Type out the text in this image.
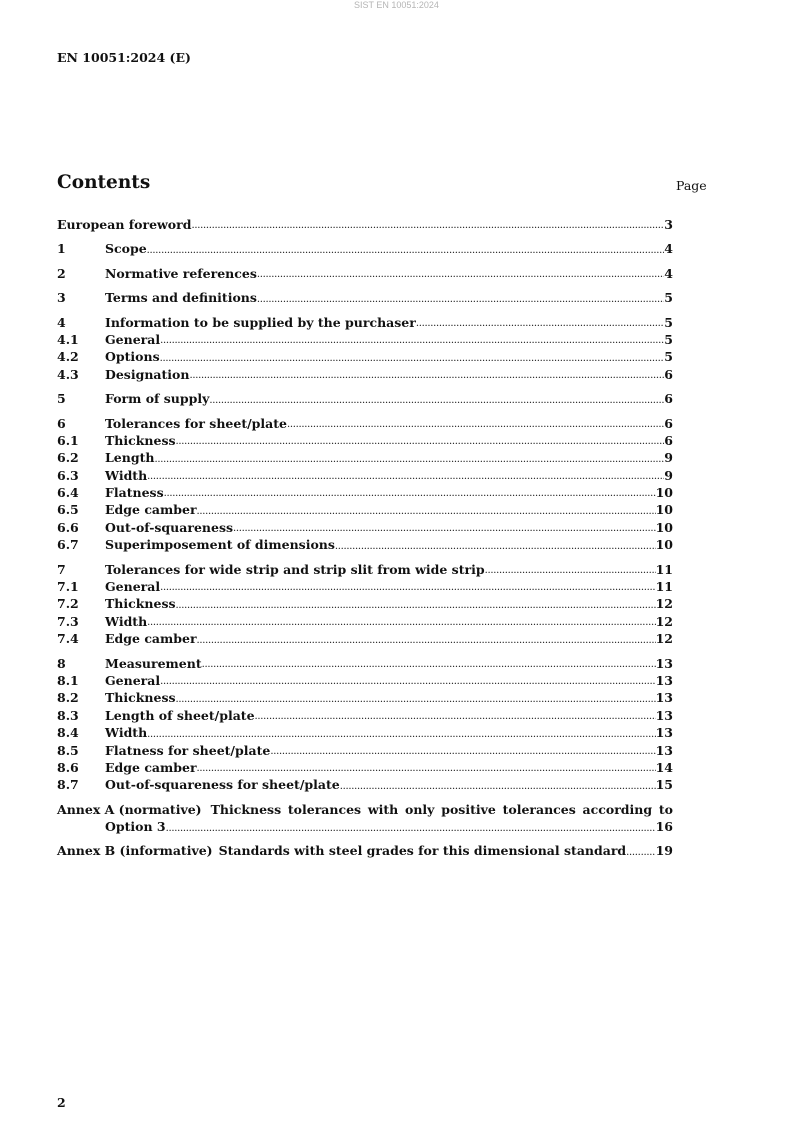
SIST EN 10051:2024
EN 10051:2024 (E)
Contents	Page
European foreword .....	3
1	Scope .....	4
2	Normative references .....	4
3	Terms and definitions .....	5
4	Information to be supplied by the purchaser .....	5
4.1	General .....	5
4.2	Options .....	5
4.3	Designation .....	6
5	Form of supply .....	6
6	Tolerances for sheet/plate .....	6
6.1	Thickness .....	6
6.2	Length .....	9
6.3	Width .....	9
6.4	Flatness .....	10
6.5	Edge camber .....	10
6.6	Out-of-squareness .....	10
6.7	Superimposement of dimensions .....	10
7	Tolerances for wide strip and strip slit from wide strip .....	11
7.1	General .....	11
7.2	Thickness .....	12
7.3	Width .....	12
7.4	Edge camber .....	12
8	Measurement .....	13
8.1	General .....	13
8.2	Thickness .....	13
8.3	Length of sheet/plate .....	13
8.4	Width .....	13
8.5	Flatness for sheet/plate .....	13
8.6	Edge camber .....	14
8.7	Out-of-squareness for sheet/plate .....	15
Annex A (normative) Thickness tolerances with only positive tolerances according to
Option 3 .....	16
Annex B (informative) Standards with steel grades for this dimensional standard ..... 19
2
